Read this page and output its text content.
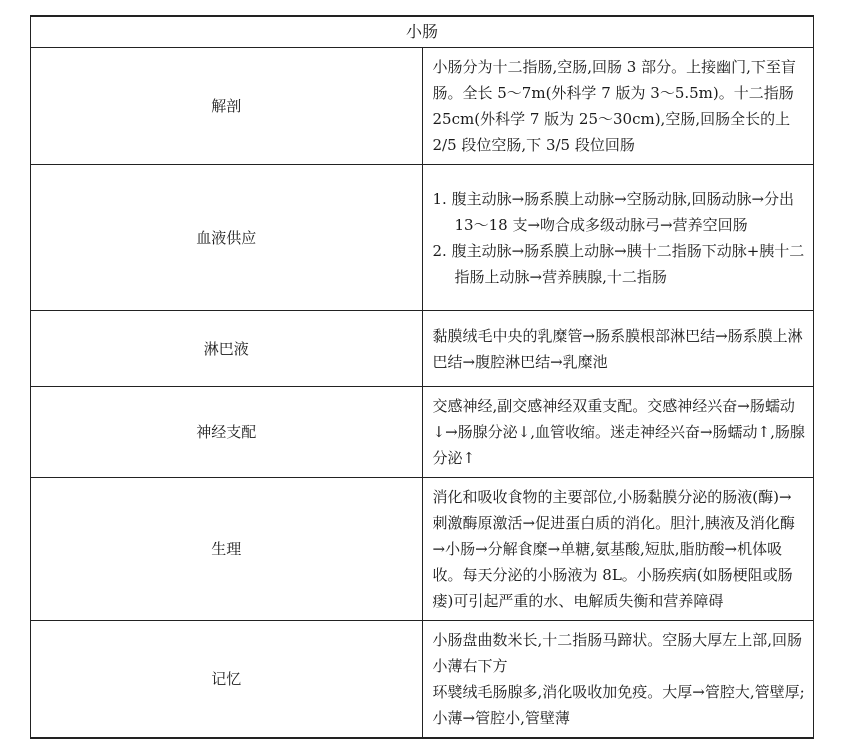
小肠	
解剖	小肠分为十二指肠,空肠,回肠 3 部分。上接幽门,下至盲肠。全长 5～7m(外科学 7 版为 3～5.5m)。十二指肠 25cm(外科学 7 版为 25～30cm),空肠,回肠全长的上 2/5 段位空肠,下 3/5 段位回肠

血液供应	1. 腹主动脉→肠系膜上动脉→空肠动脉,回肠动脉→分出 13～18 支→吻合成多级动脉弓→营养空回肠
2. 腹主动脉→肠系膜上动脉→胰十二指肠下动脉+胰十二指肠上动脉→营养胰腺,十二指肠

淋巴液	黏膜绒毛中央的乳糜管→肠系膜根部淋巴结→肠系膜上淋巴结→腹腔淋巴结→乳糜池

神经支配	交感神经,副交感神经双重支配。交感神经兴奋→肠蠕动↓→肠腺分泌↓,血管收缩。迷走神经兴奋→肠蠕动↑,肠腺分泌↑

生理	消化和吸收食物的主要部位,小肠黏膜分泌的肠液(酶)→刺激酶原激活→促进蛋白质的消化。胆汁,胰液及消化酶→小肠→分解食糜→单糖,氨基酸,短肽,脂肪酸→机体吸收。每天分泌的小肠液为 8L。小肠疾病(如肠梗阻或肠瘘)可引起严重的水、电解质失衡和营养障碍

记忆	小肠盘曲数米长,十二指肠马蹄状。空肠大厚左上部,回肠小薄右下方
环襞绒毛肠腺多,消化吸收加免疫。大厚→管腔大,管壁厚;小薄→管腔小,管壁薄
